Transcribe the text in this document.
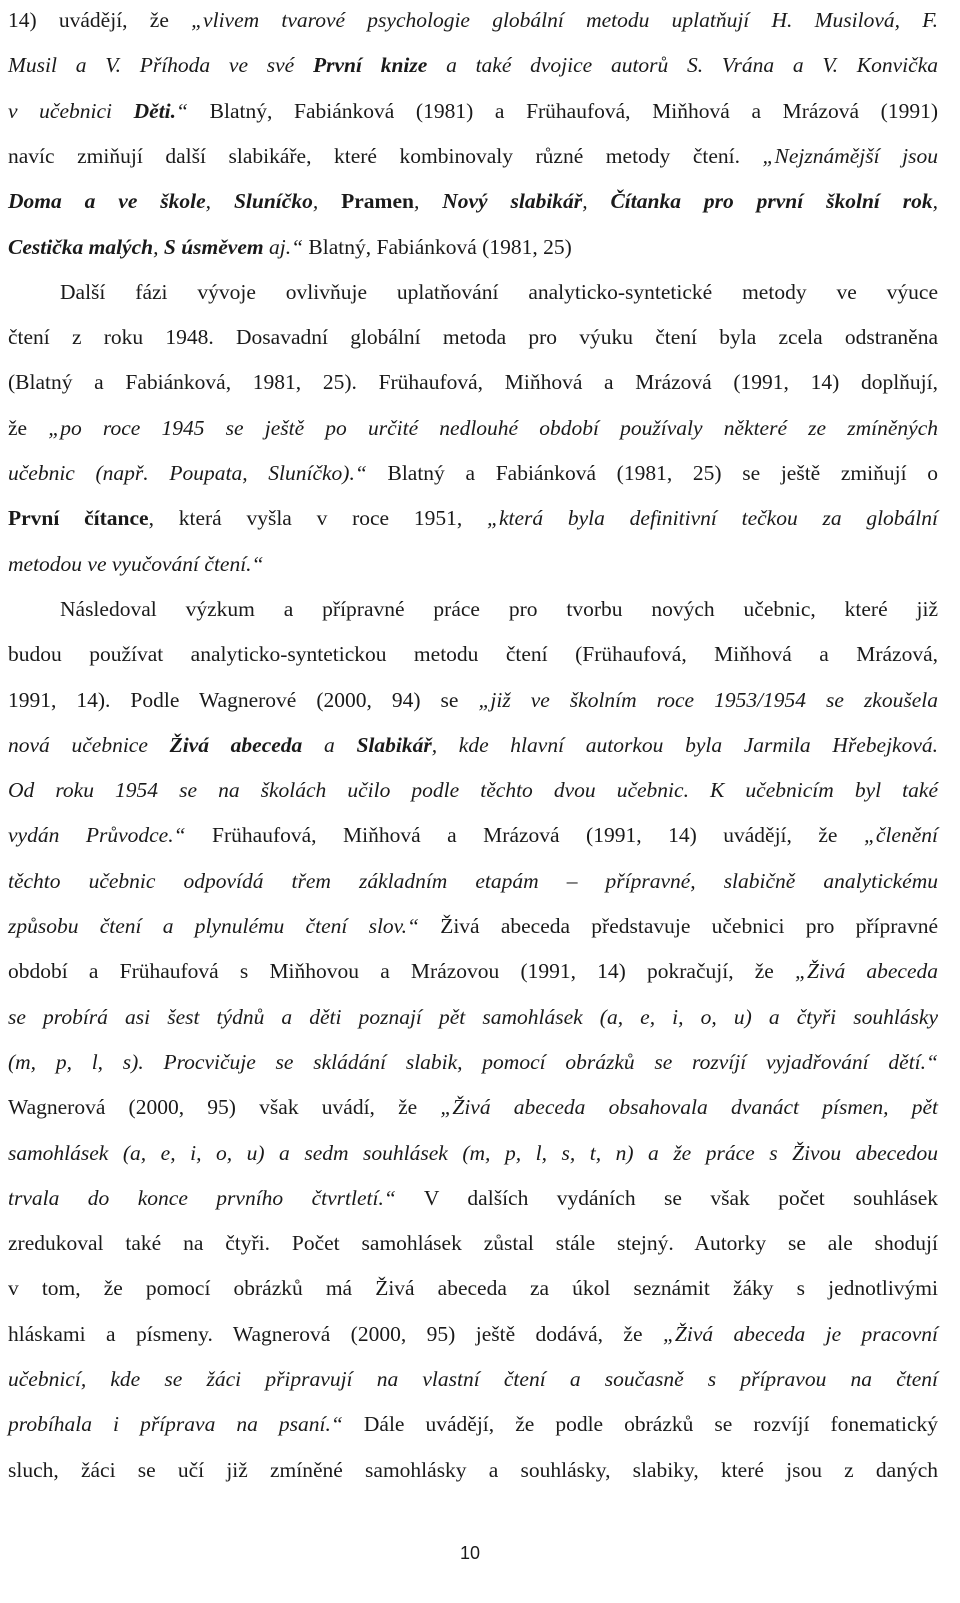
14) uvádějí, že „vlivem tvarové psychologie globální metodu uplatňují H. Musilová, F.
Musil a V. Příhoda ve své První knize a také dvojice autorů S. Vrána a V. Konvička
v učebnici Děti.“ Blatný, Fabiánková (1981) a Frühaufová, Miňhová a Mrázová (1991)
navíc zmiňují další slabikáře, které kombinovaly různé metody čtení. „Nejznámější jsou
Doma a ve škole, Sluníčko, Pramen, Nový slabikář, Čítanka pro první školní rok,
Cestička malých, S úsměvem aj.“ Blatný, Fabiánková (1981, 25)
Další fázi vývoje ovlivňuje uplatňování analyticko-syntetické metody ve výuce
čtení z roku 1948. Dosavadní globální metoda pro výuku čtení byla zcela odstraněna
(Blatný a Fabiánková, 1981, 25). Frühaufová, Miňhová a Mrázová (1991, 14) doplňují,
že „po roce 1945 se ještě po určité nedlouhé období používaly některé ze zmíněných
učebnic (např. Poupata, Sluníčko).“ Blatný a Fabiánková (1981, 25) se ještě zmiňují o
První čítance, která vyšla v roce 1951, „která byla definitivní tečkou za globální
metodou ve vyučování čtení.“
Následoval výzkum a přípravné práce pro tvorbu nových učebnic, které již
budou používat analyticko-syntetickou metodu čtení (Frühaufová, Miňhová a Mrázová,
1991, 14). Podle Wagnerové (2000, 94) se „již ve školním roce 1953/1954 se zkoušela
nová učebnice Živá abeceda a Slabikář, kde hlavní autorkou byla Jarmila Hřebejková.
Od roku 1954 se na školách učilo podle těchto dvou učebnic. K učebnicím byl také
vydán Průvodce.“ Frühaufová, Miňhová a Mrázová (1991, 14) uvádějí, že „členění
těchto učebnic odpovídá třem základním etapám – přípravné, slabičně analytickému
způsobu čtení a plynulému čtení slov.“ Živá abeceda představuje učebnici pro přípravné
období a Frühaufová s Miňhovou a Mrázovou (1991, 14) pokračují, že „Živá abeceda
se probírá asi šest týdnů a děti poznají pět samohlásek (a, e, i, o, u) a čtyři souhlásky
(m, p, l, s). Procvičuje se skládání slabik, pomocí obrázků se rozvíjí vyjadřování dětí.“
Wagnerová (2000, 95) však uvádí, že „Živá abeceda obsahovala dvanáct písmen, pět
samohlásek (a, e, i, o, u) a sedm souhlásek (m, p, l, s, t, n) a že práce s Živou abecedou
trvala do konce prvního čtvrtletí.“ V dalších vydáních se však počet souhlásek
zredukoval také na čtyři. Počet samohlásek zůstal stále stejný. Autorky se ale shodují
v tom, že pomocí obrázků má Živá abeceda za úkol seznámit žáky s jednotlivými
hláskami a písmeny. Wagnerová (2000, 95) ještě dodává, že „Živá abeceda je pracovní
učebnicí, kde se žáci připravují na vlastní čtení a současně s přípravou na čtení
probíhala i příprava na psaní.“ Dále uvádějí, že podle obrázků se rozvíjí fonematický
sluch, žáci se učí již zmíněné samohlásky a souhlásky, slabiky, které jsou z daných
10
